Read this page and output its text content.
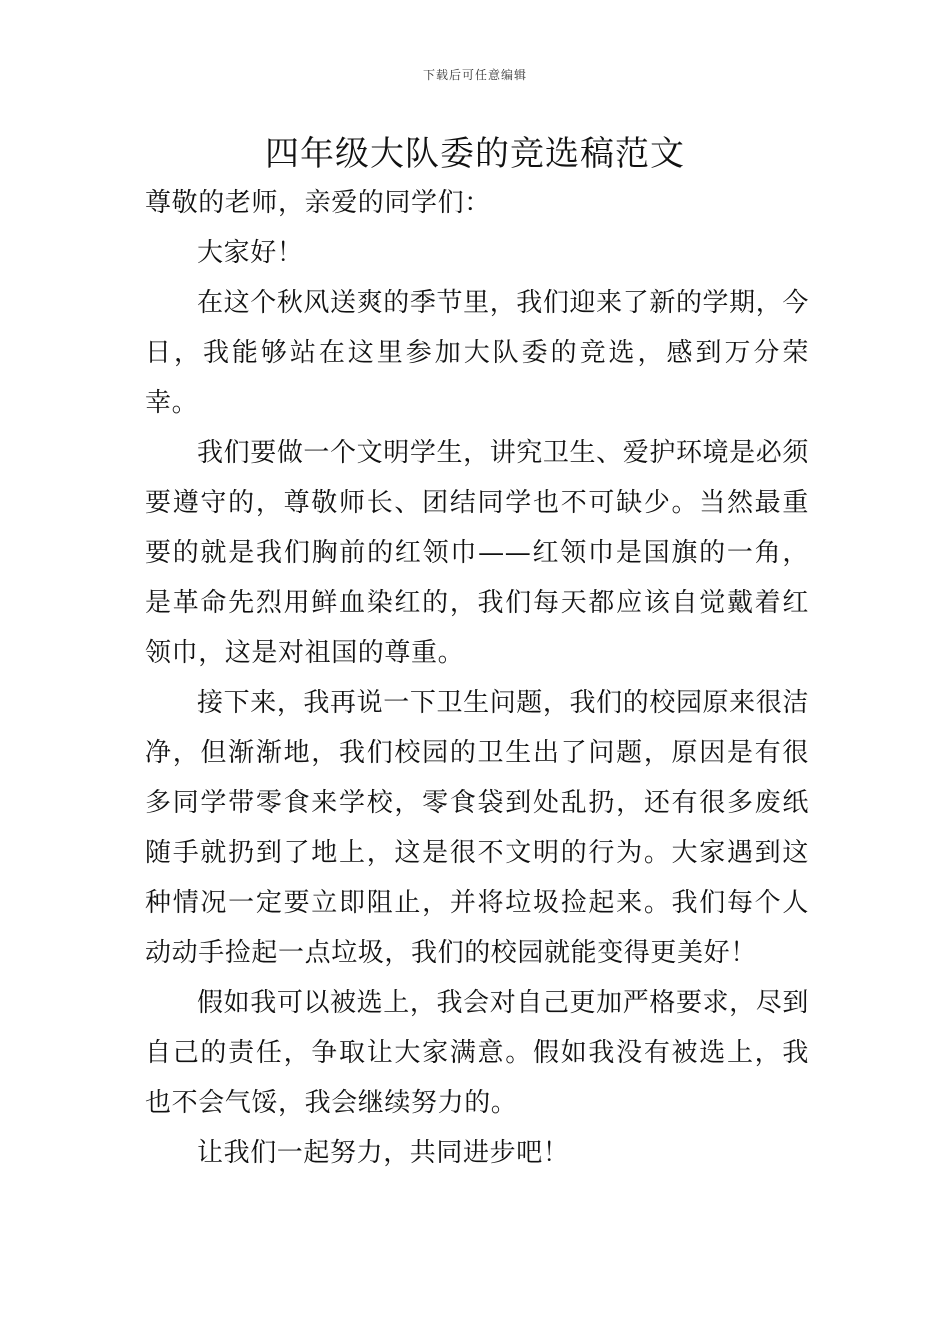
下载后可任意编辑
四年级大队委的竞选稿范文

尊敬的老师，亲爱的同学们：

大家好！

在这个秋风送爽的季节里，我们迎来了新的学期，今日，我能够站在这里参加大队委的竞选，感到万分荣幸。

我们要做一个文明学生，讲究卫生、爱护环境是必须要遵守的，尊敬师长、团结同学也不可缺少。当然最重要的就是我们胸前的红领巾——红领巾是国旗的一角，是革命先烈用鲜血染红的，我们每天都应该自觉戴着红领巾，这是对祖国的尊重。

接下来，我再说一下卫生问题，我们的校园原来很洁净，但渐渐地，我们校园的卫生出了问题，原因是有很多同学带零食来学校，零食袋到处乱扔，还有很多废纸随手就扔到了地上，这是很不文明的行为。大家遇到这种情况一定要立即阻止，并将垃圾捡起来。我们每个人动动手捡起一点垃圾，我们的校园就能变得更美好！

假如我可以被选上，我会对自己更加严格要求，尽到自己的责任，争取让大家满意。假如我没有被选上，我也不会气馁，我会继续努力的。

让我们一起努力，共同进步吧！
